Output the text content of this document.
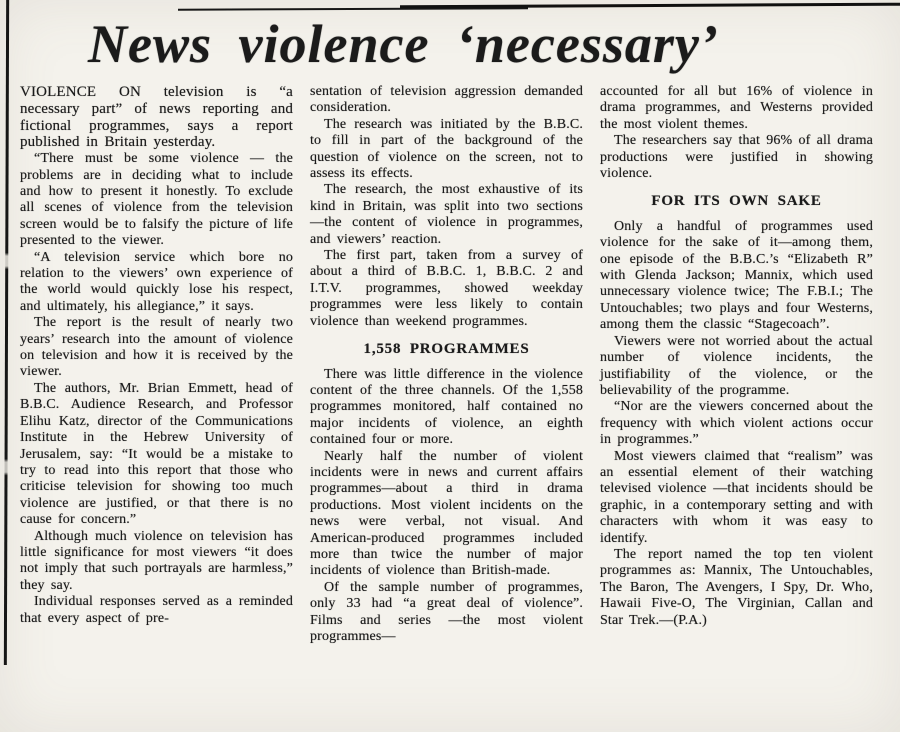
News violence ‘necessary’

VIOLENCE ON television is “a necessary part” of news reporting and fictional programmes, says a report published in Britain yesterday.

“There must be some violence — the problems are in deciding what to include and how to present it honestly. To exclude all scenes of violence from the television screen would be to falsify the picture of life presented to the viewer.

“A television service which bore no relation to the viewers’ own experience of the world would quickly lose his respect, and ultimately, his allegiance,” it says.

The report is the result of nearly two years’ research into the amount of violence on television and how it is received by the viewer.

The authors, Mr. Brian Emmett, head of B.B.C. Audience Research, and Professor Elihu Katz, director of the Communications Institute in the Hebrew University of Jerusalem, say: “It would be a mistake to try to read into this report that those who criticise television for showing too much violence are justified, or that there is no cause for concern.”

Although much violence on television has little significance for most viewers “it does not imply that such portrayals are harmless,” they say.

Individual responses served as a reminded that every aspect of pre-

sentation of television aggression demanded consideration.

The research was initiated by the B.B.C. to fill in part of the background of the question of violence on the screen, not to assess its effects.

The research, the most exhaustive of its kind in Britain, was split into two sections—the content of violence in programmes, and viewers’ reaction.

The first part, taken from a survey of about a third of B.B.C. 1, B.B.C. 2 and I.T.V. programmes, showed weekday programmes were less likely to contain violence than weekend programmes.

1,558 PROGRAMMES

There was little difference in the violence content of the three channels. Of the 1,558 programmes monitored, half contained no major incidents of violence, an eighth contained four or more.

Nearly half the number of violent incidents were in news and current affairs programmes—about a third in drama productions. Most violent incidents on the news were verbal, not visual. And American-produced programmes included more than twice the number of major incidents of violence than British-made.

Of the sample number of programmes, only 33 had “a great deal of violence”. Films and series —the most violent programmes—

accounted for all but 16% of violence in drama programmes, and Westerns provided the most violent themes.

The researchers say that 96% of all drama productions were justified in showing violence.

FOR ITS OWN SAKE

Only a handful of programmes used violence for the sake of it—among them, one episode of the B.B.C.’s “Elizabeth R” with Glenda Jackson; Mannix, which used unnecessary violence twice; The F.B.I.; The Untouchables; two plays and four Westerns, among them the classic “Stagecoach”.

Viewers were not worried about the actual number of violence incidents, the justifiability of the violence, or the believability of the programme.

“Nor are the viewers concerned about the frequency with which violent actions occur in programmes.”

Most viewers claimed that “realism” was an essential element of their watching televised violence —that incidents should be graphic, in a contemporary setting and with characters with whom it was easy to identify.

The report named the top ten violent programmes as: Mannix, The Untouchables, The Baron, The Avengers, I Spy, Dr. Who, Hawaii Five-O, The Virginian, Callan and Star Trek.—(P.A.)
